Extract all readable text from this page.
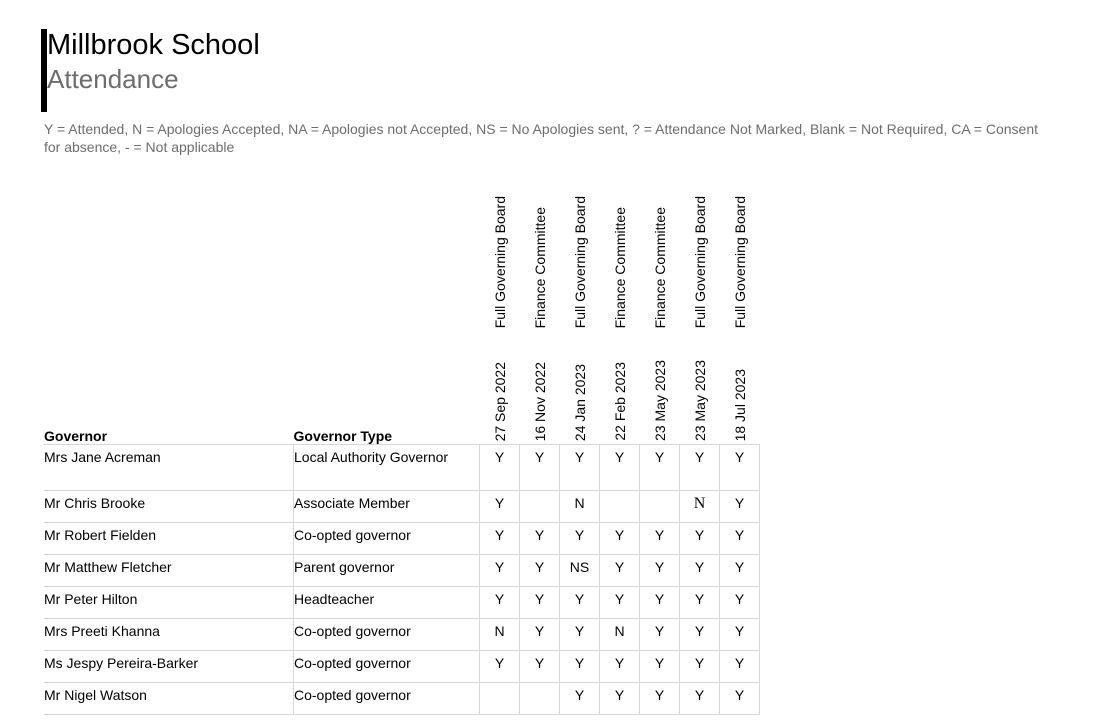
Millbrook School
Attendance
Y = Attended, N = Apologies Accepted, NA = Apologies not Accepted, NS = No Apologies sent, ? = Attendance Not Marked, Blank = Not Required, CA = Consent for absence, - = Not applicable
		Full Governing Board	Finance Committee	Full Governing Board	Finance Committee	Finance Committee	Full Governing Board	Full Governing Board
Governor	Governor Type	27 Sep 2022	16 Nov 2022	24 Jan 2023	22 Feb 2023	23 May 2023	23 May 2023	18 Jul 2023
Mrs Jane Acreman	Local Authority Governor	Y	Y	Y	Y	Y	Y	Y
Mr Chris Brooke	Associate Member	Y		N			N	Y
Mr Robert Fielden	Co-opted governor	Y	Y	Y	Y	Y	Y	Y
Mr Matthew Fletcher	Parent governor	Y	Y	NS	Y	Y	Y	Y
Mr Peter Hilton	Headteacher	Y	Y	Y	Y	Y	Y	Y
Mrs Preeti Khanna	Co-opted governor	N	Y	Y	N	Y	Y	Y
Ms Jespy Pereira-Barker	Co-opted governor	Y	Y	Y	Y	Y	Y	Y
Mr Nigel Watson	Co-opted governor			Y	Y	Y	Y	Y
